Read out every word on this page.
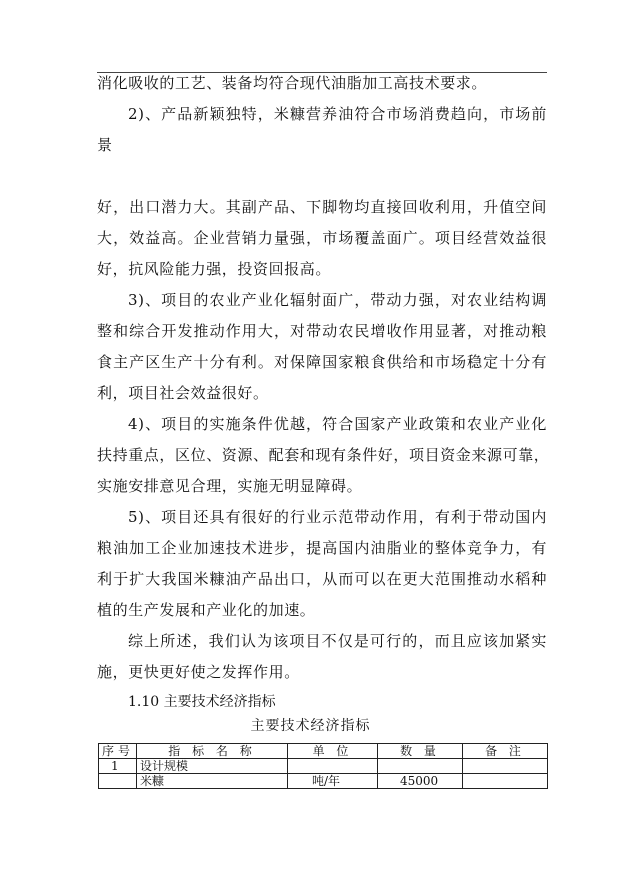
消化吸收的工艺、装备均符合现代油脂加工高技术要求。
2)、产品新颖独特，米糠营养油符合市场消费趋向，市场前
景
好，出口潜力大。其副产品、下脚物均直接回收利用，升值空间
大，效益高。企业营销力量强，市场覆盖面广。项目经营效益很
好，抗风险能力强，投资回报高。
3)、项目的农业产业化辐射面广，带动力强，对农业结构调
整和综合开发推动作用大，对带动农民增收作用显著，对推动粮
食主产区生产十分有利。对保障国家粮食供给和市场稳定十分有
利，项目社会效益很好。
4)、项目的实施条件优越，符合国家产业政策和农业产业化
扶持重点，区位、资源、配套和现有条件好，项目资金来源可靠，
实施安排意见合理，实施无明显障碍。
5)、项目还具有很好的行业示范带动作用，有利于带动国内
粮油加工企业加速技术进步，提高国内油脂业的整体竞争力，有
利于扩大我国米糠油产品出口，从而可以在更大范围推动水稻种
植的生产发展和产业化的加速。
综上所述，我们认为该项目不仅是可行的，而且应该加紧实
施，更快更好使之发挥作用。
1.10 主要技术经济指标
主要技术经济指标
序号	指 标 名 称	单 位	数 量	备 注
1	设计规模			
	米糠	吨/年	45000	
